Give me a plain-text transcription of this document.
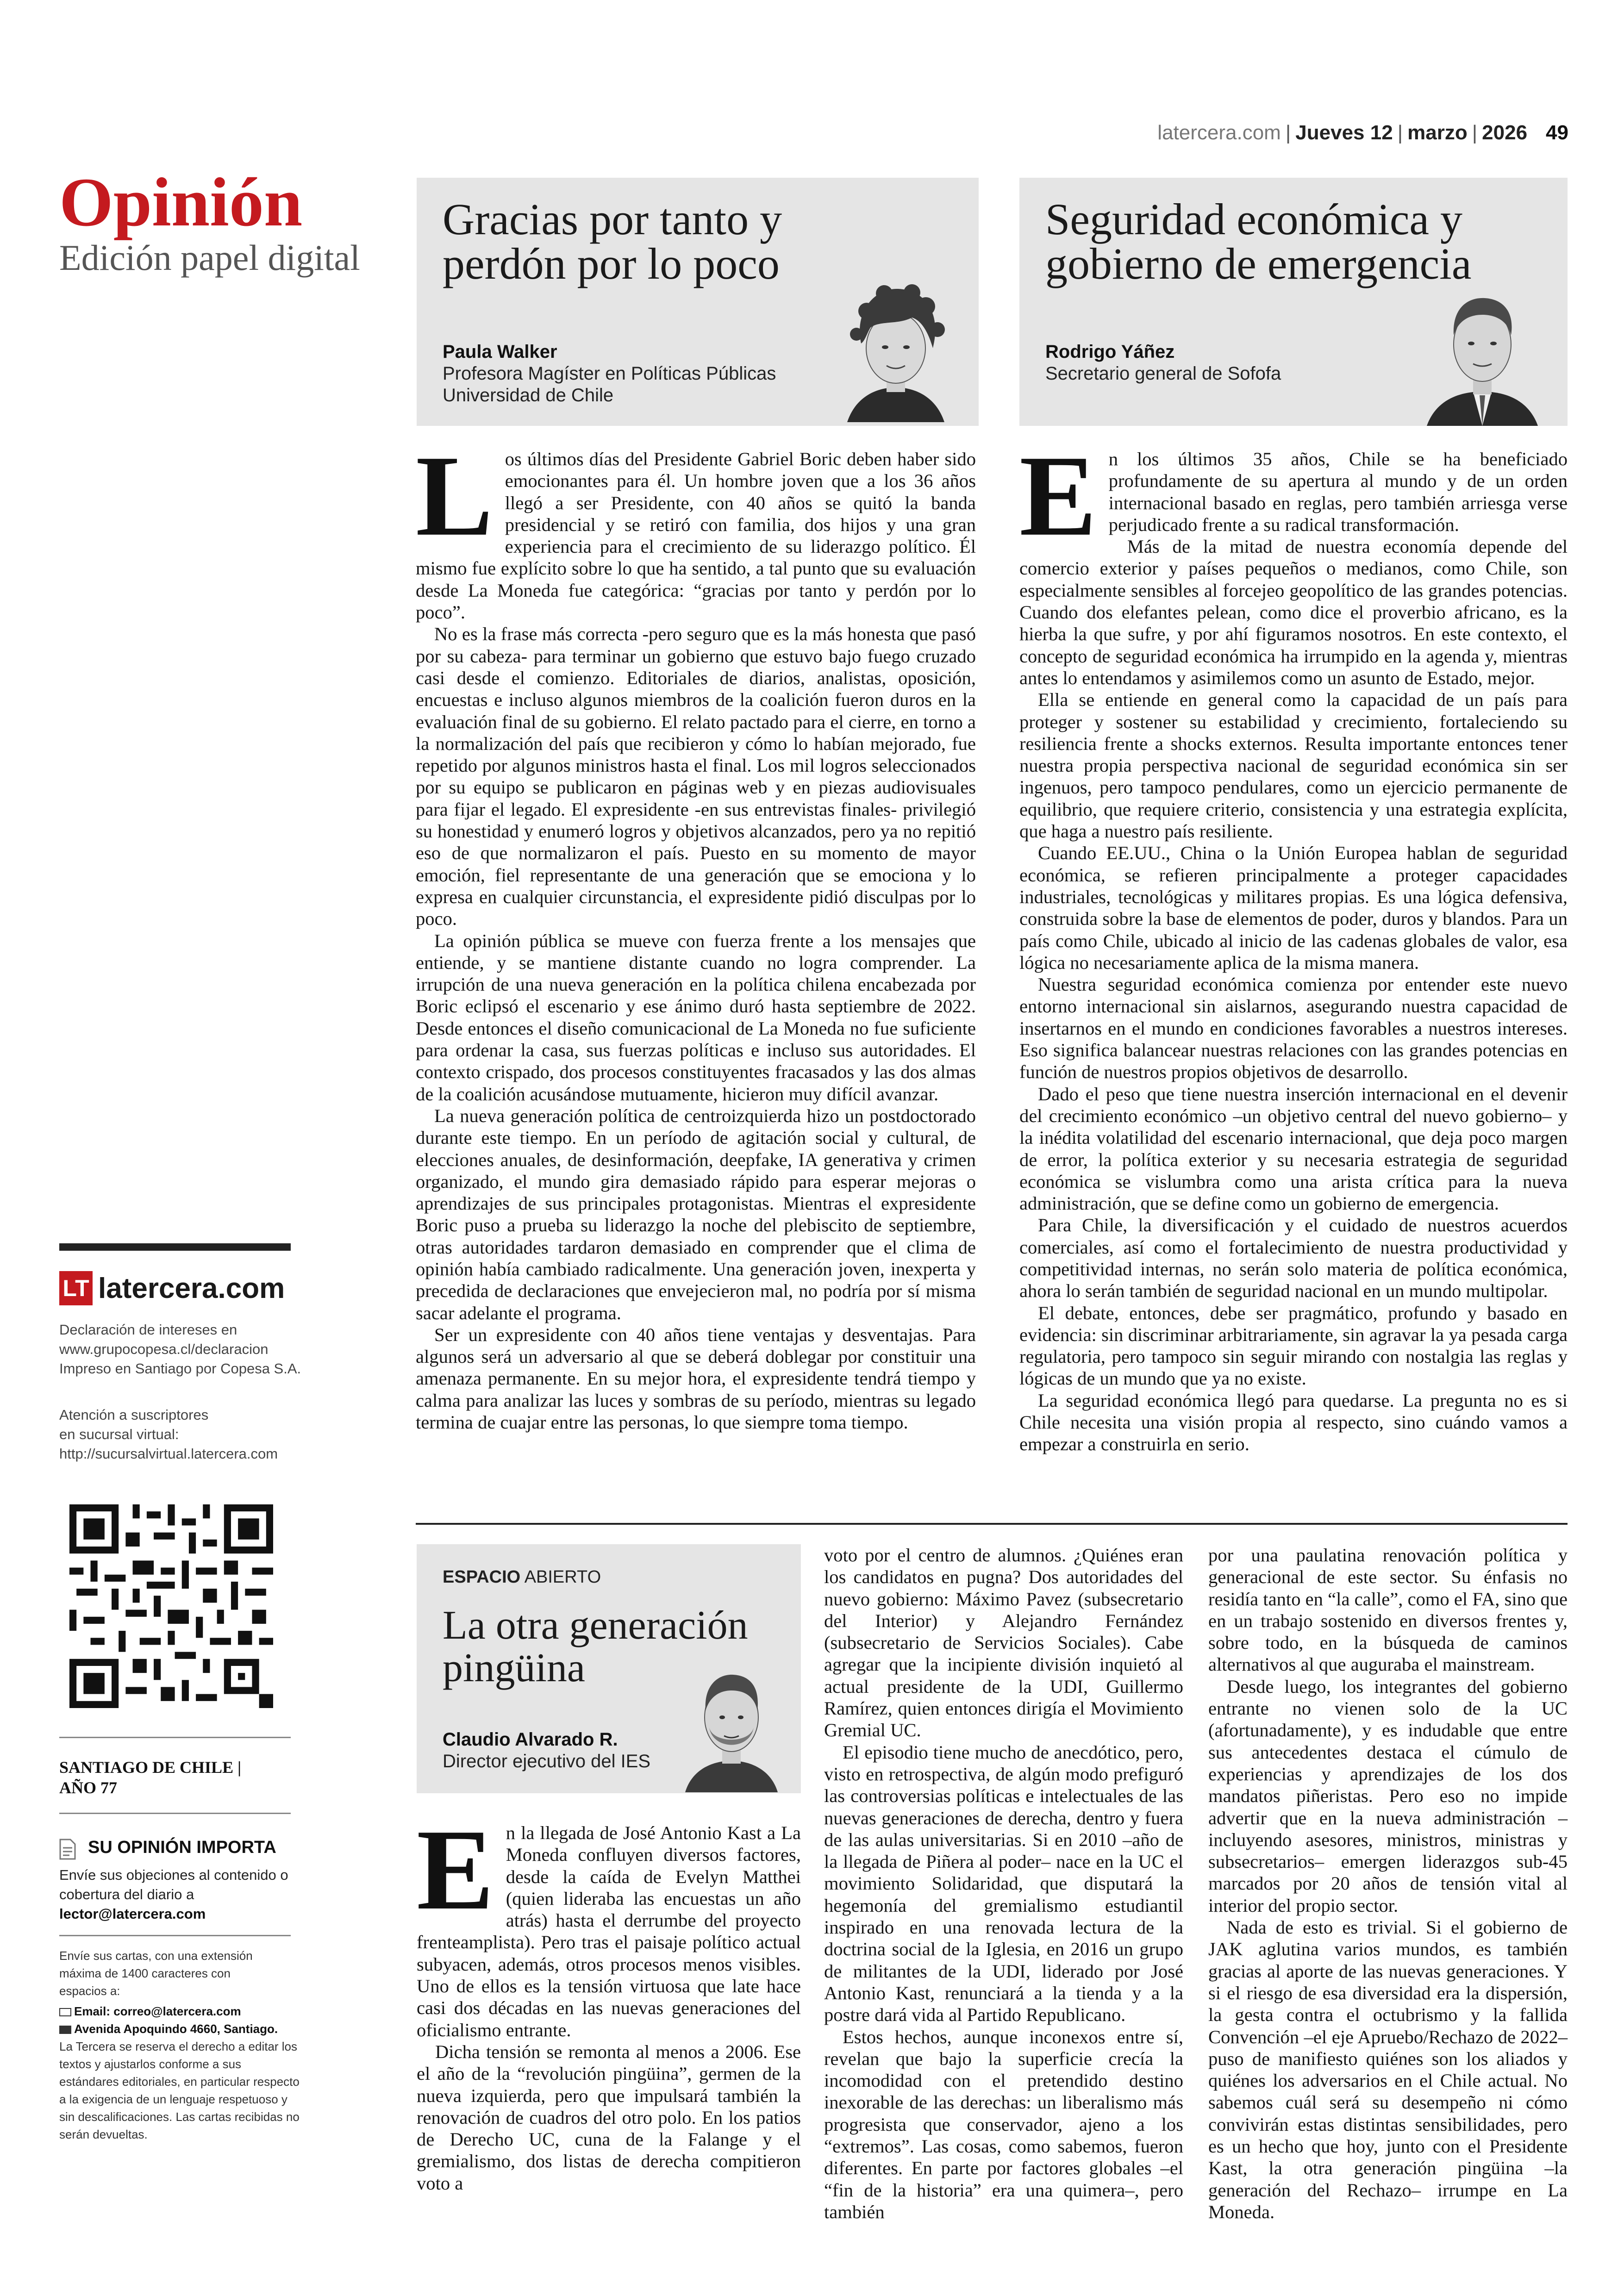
latercera.com | Jueves 12 | marzo | 2026 49
Opinión
Edición papel digital
Gracias por tanto y
perdón por lo poco
Paula Walker
Profesora Magíster en Políticas Públicas
Universidad de Chile
Seguridad económica y
gobierno de emergencia
Rodrigo Yáñez
Secretario general de Sofofa

Los últimos días del Presidente Gabriel Boric deben haber sido emocionantes para él. Un hombre joven que a los 36 años llegó a ser Presidente, con 40 años se quitó la banda presidencial y se retiró con familia, dos hijos y una gran experiencia para el crecimiento de su liderazgo político. Él mismo fue explícito sobre lo que ha sentido, a tal punto que su evaluación desde La Moneda fue categórica: “gracias por tanto y perdón por lo poco”.

No es la frase más correcta -pero seguro que es la más honesta que pasó por su cabeza- para terminar un gobierno que estuvo bajo fuego cruzado casi desde el comienzo. Editoriales de diarios, analistas, oposición, encuestas e incluso algunos miembros de la coalición fueron duros en la evaluación final de su gobierno. El relato pactado para el cierre, en torno a la normalización del país que recibieron y cómo lo habían mejorado, fue repetido por algunos ministros hasta el final. Los mil logros seleccionados por su equipo se publicaron en páginas web y en piezas audiovisuales para fijar el legado. El expresidente -en sus entrevistas finales- privilegió su honestidad y enumeró logros y objetivos alcanzados, pero ya no repitió eso de que normalizaron el país. Puesto en su momento de mayor emoción, fiel representante de una generación que se emociona y lo expresa en cualquier circunstancia, el expresidente pidió disculpas por lo poco.

La opinión pública se mueve con fuerza frente a los mensajes que entiende, y se mantiene distante cuando no logra comprender. La irrupción de una nueva generación en la política chilena encabezada por Boric eclipsó el escenario y ese ánimo duró hasta septiembre de 2022. Desde entonces el diseño comunicacional de La Moneda no fue suficiente para ordenar la casa, sus fuerzas políticas e incluso sus autoridades. El contexto crispado, dos procesos constituyentes fracasados y las dos almas de la coalición acusándose mutuamente, hicieron muy difícil avanzar.

La nueva generación política de centroizquierda hizo un postdoctorado durante este tiempo. En un período de agitación social y cultural, de elecciones anuales, de desinformación, deepfake, IA generativa y crimen organizado, el mundo gira demasiado rápido para esperar mejoras o aprendizajes de sus principales protagonistas. Mientras el expresidente Boric puso a prueba su liderazgo la noche del plebiscito de septiembre, otras autoridades tardaron demasiado en comprender que el clima de opinión había cambiado radicalmente. Una generación joven, inexperta y precedida de declaraciones que envejecieron mal, no podría por sí misma sacar adelante el programa.

Ser un expresidente con 40 años tiene ventajas y desventajas. Para algunos será un adversario al que se deberá doblegar por constituir una amenaza permanente. En su mejor hora, el expresidente tendrá tiempo y calma para analizar las luces y sombras de su período, mientras su legado termina de cuajar entre las personas, lo que siempre toma tiempo.

En los últimos 35 años, Chile se ha beneficiado profundamente de su apertura al mundo y de un orden internacional basado en reglas, pero también arriesga verse perjudicado frente a su radical transformación.

Más de la mitad de nuestra economía depende del comercio exterior y países pequeños o medianos, como Chile, son especialmente sensibles al forcejeo geopolítico de las grandes potencias. Cuando dos elefantes pelean, como dice el proverbio africano, es la hierba la que sufre, y por ahí figuramos nosotros. En este contexto, el concepto de seguridad económica ha irrumpido en la agenda y, mientras antes lo entendamos y asimilemos como un asunto de Estado, mejor.

Ella se entiende en general como la capacidad de un país para proteger y sostener su estabilidad y crecimiento, fortaleciendo su resiliencia frente a shocks externos. Resulta importante entonces tener nuestra propia perspectiva nacional de seguridad económica sin ser ingenuos, pero tampoco pendulares, como un ejercicio permanente de equilibrio, que requiere criterio, consistencia y una estrategia explícita, que haga a nuestro país resiliente.

Cuando EE.UU., China o la Unión Europea hablan de seguridad económica, se refieren principalmente a proteger capacidades industriales, tecnológicas y militares propias. Es una lógica defensiva, construida sobre la base de elementos de poder, duros y blandos. Para un país como Chile, ubicado al inicio de las cadenas globales de valor, esa lógica no necesariamente aplica de la misma manera.

Nuestra seguridad económica comienza por entender este nuevo entorno internacional sin aislarnos, asegurando nuestra capacidad de insertarnos en el mundo en condiciones favorables a nuestros intereses. Eso significa balancear nuestras relaciones con las grandes potencias en función de nuestros propios objetivos de desarrollo.

Dado el peso que tiene nuestra inserción internacional en el devenir del crecimiento económico –un objetivo central del nuevo gobierno– y la inédita volatilidad del escenario internacional, que deja poco margen de error, la política exterior y su necesaria estrategia de seguridad económica se vislumbra como una arista crítica para la nueva administración, que se define como un gobierno de emergencia.

Para Chile, la diversificación y el cuidado de nuestros acuerdos comerciales, así como el fortalecimiento de nuestra productividad y competitividad internas, no serán solo materia de política económica, ahora lo serán también de seguridad nacional en un mundo multipolar.

El debate, entonces, debe ser pragmático, profundo y basado en evidencia: sin discriminar arbitrariamente, sin agravar la ya pesada carga regulatoria, pero tampoco sin seguir mirando con nostalgia las reglas y lógicas de un mundo que ya no existe.

La seguridad económica llegó para quedarse. La pregunta no es si Chile necesita una visión propia al respecto, sino cuándo vamos a empezar a construirla en serio.

ESPACIO ABIERTO
La otra generación
pingüina
Claudio Alvarado R.
Director ejecutivo del IES

En la llegada de José Antonio Kast a La Moneda confluyen diversos factores, desde la caída de Evelyn Matthei (quien lideraba las encuestas un año atrás) hasta el derrumbe del proyecto frenteamplista). Pero tras el paisaje político actual subyacen, además, otros procesos menos visibles. Uno de ellos es la tensión virtuosa que late hace casi dos décadas en las nuevas generaciones del oficialismo entrante.

Dicha tensión se remonta al menos a 2006. Ese el año de la “revolución pingüina”, germen de la nueva izquierda, pero que impulsará también la renovación de cuadros del otro polo. En los patios de Derecho UC, cuna de la Falange y el gremialismo, dos listas de derecha compitieron voto a

voto por el centro de alumnos. ¿Quiénes eran los candidatos en pugna? Dos autoridades del nuevo gobierno: Máximo Pavez (subsecretario del Interior) y Alejandro Fernández (subsecretario de Servicios Sociales). Cabe agregar que la incipiente división inquietó al actual presidente de la UDI, Guillermo Ramírez, quien entonces dirigía el Movimiento Gremial UC.

El episodio tiene mucho de anecdótico, pero, visto en retrospectiva, de algún modo prefiguró las controversias políticas e intelectuales de las nuevas generaciones de derecha, dentro y fuera de las aulas universitarias. Si en 2010 –año de la llegada de Piñera al poder– nace en la UC el movimiento Solidaridad, que disputará la hegemonía del gremialismo estudiantil inspirado en una renovada lectura de la doctrina social de la Iglesia, en 2016 un grupo de militantes de la UDI, liderado por José Antonio Kast, renunciará a la tienda y a la postre dará vida al Partido Republicano.

Estos hechos, aunque inconexos entre sí, revelan que bajo la superficie crecía la incomodidad con el pretendido destino inexorable de las derechas: un liberalismo más progresista que conservador, ajeno a los “extremos”. Las cosas, como sabemos, fueron diferentes. En parte por factores globales –el “fin de la historia” era una quimera–, pero también

por una paulatina renovación política y generacional de este sector. Su énfasis no residía tanto en “la calle”, como el FA, sino que en un trabajo sostenido en diversos frentes y, sobre todo, en la búsqueda de caminos alternativos al que auguraba el mainstream.

Desde luego, los integrantes del gobierno entrante no vienen solo de la UC (afortunadamente), y es indudable que entre sus antecedentes destaca el cúmulo de experiencias y aprendizajes de los dos mandatos piñeristas. Pero eso no impide advertir que en la nueva administración –incluyendo asesores, ministros, ministras y subsecretarios– emergen liderazgos sub-45 marcados por 20 años de tensión vital al interior del propio sector.

Nada de esto es trivial. Si el gobierno de JAK aglutina varios mundos, es también gracias al aporte de las nuevas generaciones. Y si el riesgo de esa diversidad era la dispersión, la gesta contra el octubrismo y la fallida Convención –el eje Apruebo/Rechazo de 2022– puso de manifiesto quiénes son los aliados y quiénes los adversarios en el Chile actual. No sabemos cuál será su desempeño ni cómo convivirán estas distintas sensibilidades, pero es un hecho que hoy, junto con el Presidente Kast, la otra generación pingüina –la generación del Rechazo– irrumpe en La Moneda.

LT latercera.com

Declaración de intereses en

www.grupocopesa.cl/declaracion

Impreso en Santiago por Copesa S.A.

Atención a suscriptores

en sucursal virtual:

http://sucursalvirtual.latercera.com

SANTIAGO DE CHILE |
AÑO 77
SU OPINIÓN IMPORTA

Envíe sus objeciones al contenido o

cobertura del diario a

lector@latercera.com

Envíe sus cartas, con una extensión

máxima de 1400 caracteres con

espacios a:

Email: correo@latercera.com

Avenida Apoquindo 4660, Santiago.

La Tercera se reserva el derecho a editar los textos y ajustarlos conforme a sus estándares editoriales, en particular respecto a la exigencia de un lenguaje respetuoso y sin descalificaciones. Las cartas recibidas no serán devueltas.
